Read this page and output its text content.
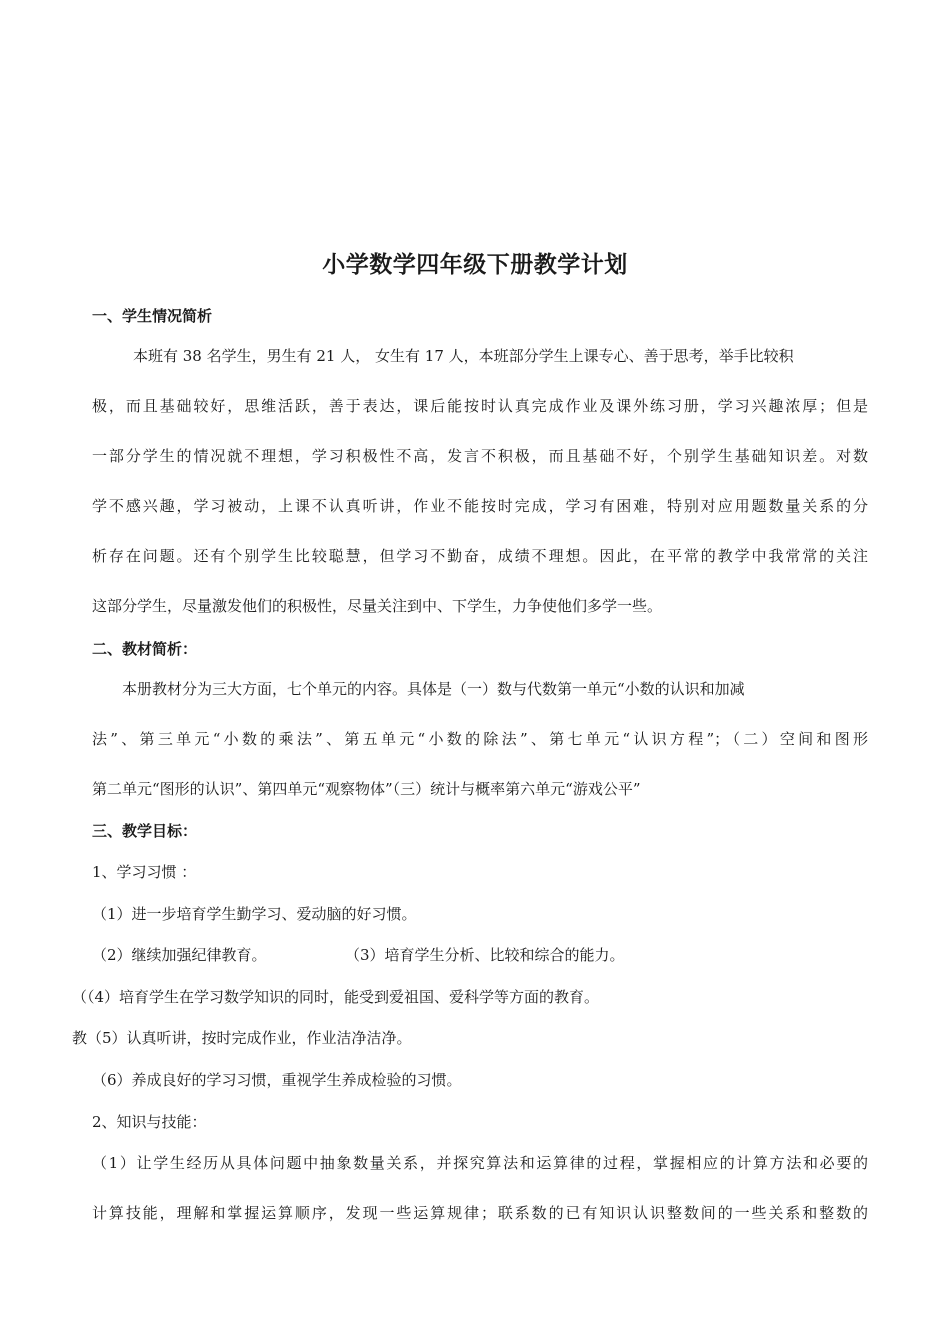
小学数学四年级下册教学计划
一、学生情况简析
本班有 38 名学生，男生有 21 人， 女生有 17 人，本班部分学生上课专心、善于思考，举手比较积
极，而且基础较好，思维活跃，善于表达，课后能按时认真完成作业及课外练习册，学习兴趣浓厚；但是
一部分学生的情况就不理想，学习积极性不高，发言不积极，而且基础不好，个别学生基础知识差。对数
学不感兴趣，学习被动，上课不认真听讲，作业不能按时完成，学习有困难，特别对应用题数量关系的分
析存在问题。还有个别学生比较聪慧，但学习不勤奋，成绩不理想。因此，在平常的教学中我常常的关注
这部分学生，尽量激发他们的积极性，尽量关注到中、下学生，力争使他们多学一些。
二、教材简析：
本册教材分为三大方面，七个单元的内容。具体是（一）数与代数第一单元“小数的认识和加减
法”、第三单元“小数的乘法”、第五单元“小数的除法”、第七单元“认识方程”；（二）空间和图形
第二单元“图形的认识”、第四单元“观察物体”（三）统计与概率第六单元“游戏公平”
三、教学目标：
1、学习习惯 ：
（1）进一步培育学生勤学习、爱动脑的好习惯。
（2）继续加强纪律教育。	（3）培育学生分析、比较和综合的能力。
（（4）培育学生在学习数学知识的同时，能受到爱祖国、爱科学等方面的教育。
教（5）认真听讲，按时完成作业，作业洁净洁净。
（6）养成良好的学习习惯，重视学生养成检验的习惯。
2、知识与技能：
（1）让学生经历从具体问题中抽象数量关系，并探究算法和运算律的过程，掌握相应的计算方法和必要的
计算技能，理解和掌握运算顺序，发现一些运算规律；联系数的已有知识认识整数间的一些关系和整数的
